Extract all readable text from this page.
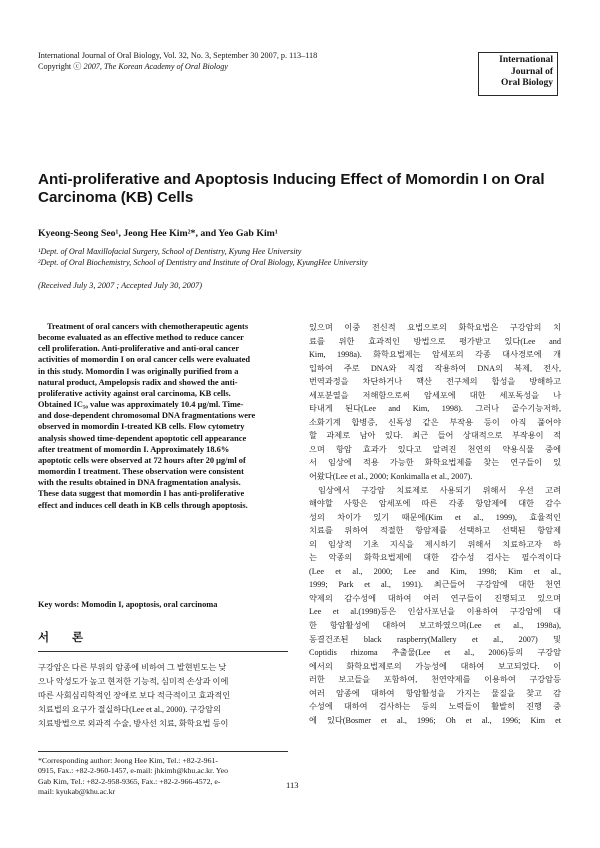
International Journal of Oral Biology, Vol. 32, No. 3, September 30 2007, p. 113–118
Copyright ⓒ 2007, The Korean Academy of Oral Biology
International
Journal of
Oral Biology
Anti-proliferative and Apoptosis Inducing Effect of Momordin I on Oral
Carcinoma (KB) Cells
Kyeong-Seong Seo¹, Jeong Hee Kim²*, and Yeo Gab Kim¹
¹Dept. of Oral Maxillofacial Surgery, School of Dentistry, Kyung Hee University
²Dept. of Oral Biochemistry, School of Dentistry and Institute of Oral Biology, KyungHee University
(Received July 3, 2007 ; Accepted July 30, 2007)
Treatment of oral cancers with chemotherapeutic agents
become evaluated as an effective method to reduce cancer
cell proliferation. Anti-proliferative and anti-oral cancer
activities of momordin I on oral cancer cells were evaluated
in this study. Momordin I was originally purified from a
natural product, Ampelopsis radix and showed the anti-
proliferative activity against oral carcinoma, KB cells.
Obtained IC₅₀ value was approximately 10.4 μg/ml. Time-
and dose-dependent chromosomal DNA fragmentations were
observed in momordin I-treated KB cells. Flow cytometry
analysis showed time-dependent apoptotic cell appearance
after treatment of momordin I. Approximately 18.6%
apoptotic cells were observed at 72 hours after 20 μg/ml of
momordin I treatment. These observation were consistent
with the results obtained in DNA fragmentation analysis.
These data suggest that momordin I has anti-proliferative
effect and induces cell death in KB cells through apoptosis.
Key words: Momodin I, apoptosis, oral carcinoma
서 론
구강암은 다른 부위의 암종에 비하여 그 발현빈도는 낮
으나 악성도가 높고 현저한 기능적, 심미적 손상과 이에
따른 사회심리학적인 장애로 보다 적극적이고 효과적인
치료법의 요구가 절실하다(Lee et al., 2000). 구강암의
치료방법으로 외과적 수술, 방사선 치료, 화학요법 등이
*Corresponding author: Jeong Hee Kim, Tel.: +82-2-961-
0915, Fax.: +82-2-960-1457, e-mail: jhkimh@khu.ac.kr. Yeo
Gab Kim, Tel.: +82-2-958-9365, Fax.: +82-2-966-4572, e-
mail: kyukab@khu.ac.kr
있으며 이중 전신적 요법으로의 화학요법은 구강암의 치
료를 위한 효과적인 방법으로 평가받고 있다(Lee and
Kim, 1998a). 화학요법제는 암세포의 각종 대사경로에 개
입하여 주로 DNA와 직접 작용하여 DNA의 복제, 전사,
번역과정을 차단하거나 핵산 전구체의 합성을 방해하고
세포분열을 저해함으로써 암세포에 대한 세포독성을 나
타내게 된다(Lee and Kim, 1998). 그러나 골수기능저하,
소화기계 합병증, 신독성 같은 부작용 등이 아직 풀어야
할 과제로 남아 있다. 최근 들어 상대적으로 부작용이 적
으며 항암 효과가 있다고 알려진 천연의 약용식물 중에
서 임상에 적용 가능한 화학요법제를 찾는 연구들이 있
어왔다(Lee et al., 2000; Konkimalla et al., 2007).
임상에서 구강암 치료제로 사용되기 위해서 우선 고려
해야할 사항은 암세포에 따른 각종 항암제에 대한 감수
성의 차이가 있기 때문에(Kim et al., 1999), 효율적인
치료를 위하여 적절한 항암제를 선택하고 선택된 항암제
의 임상적 기초 지식을 제시하기 위해서 치료하고자 하
는 악종의 화학요법제에 대한 감수성 검사는 필수적이다
(Lee et al., 2000; Lee and Kim, 1998; Kim et al.,
1999; Park et al., 1991). 최근들어 구강암에 대한 천연
약제의 감수성에 대하여 여러 연구들이 진행되고 있으며
Lee et al.(1998)등은 인삼사포닌을 이용하여 구강암에 대
한 항암활성에 대하여 보고하였으며(Lee et al., 1998a),
동결건조된 black raspberry(Mallery et al., 2007) 및
Coptidis rhizoma 추출물(Lee et al., 2006)등의 구강암
에서의 화학요법제로의 가능성에 대하여 보고되었다. 이
러한 보고들을 포함하여, 천연약제를 이용하여 구강암등
여러 암종에 대하여 항암활성을 가지는 물질을 찾고 감
수성에 대하여 검사하는 등의 노력들이 활발히 진행 중
에 있다(Bosmer et al., 1996; Oh et al., 1996; Kim et
113
